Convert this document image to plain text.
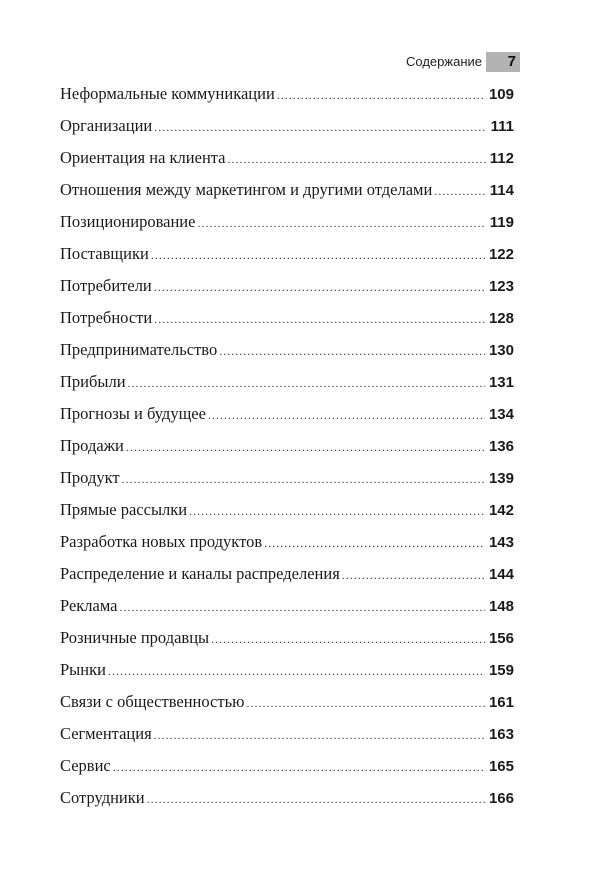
Содержание	7
Неформальные коммуникации .....	109
Организации .....	111
Ориентация на клиента .....	112
Отношения между маркетингом и другими отделами .....	114
Позиционирование .....	119
Поставщики .....	122
Потребители .....	123
Потребности .....	128
Предпринимательство .....	130
Прибыли .....	131
Прогнозы и будущее .....	134
Продажи .....	136
Продукт .....	139
Прямые рассылки .....	142
Разработка новых продуктов .....	143
Распределение и каналы распределения .....	144
Реклама .....	148
Розничные продавцы .....	156
Рынки .....	159
Связи с общественностью .....	161
Сегментация .....	163
Сервис .....	165
Сотрудники .....	166
